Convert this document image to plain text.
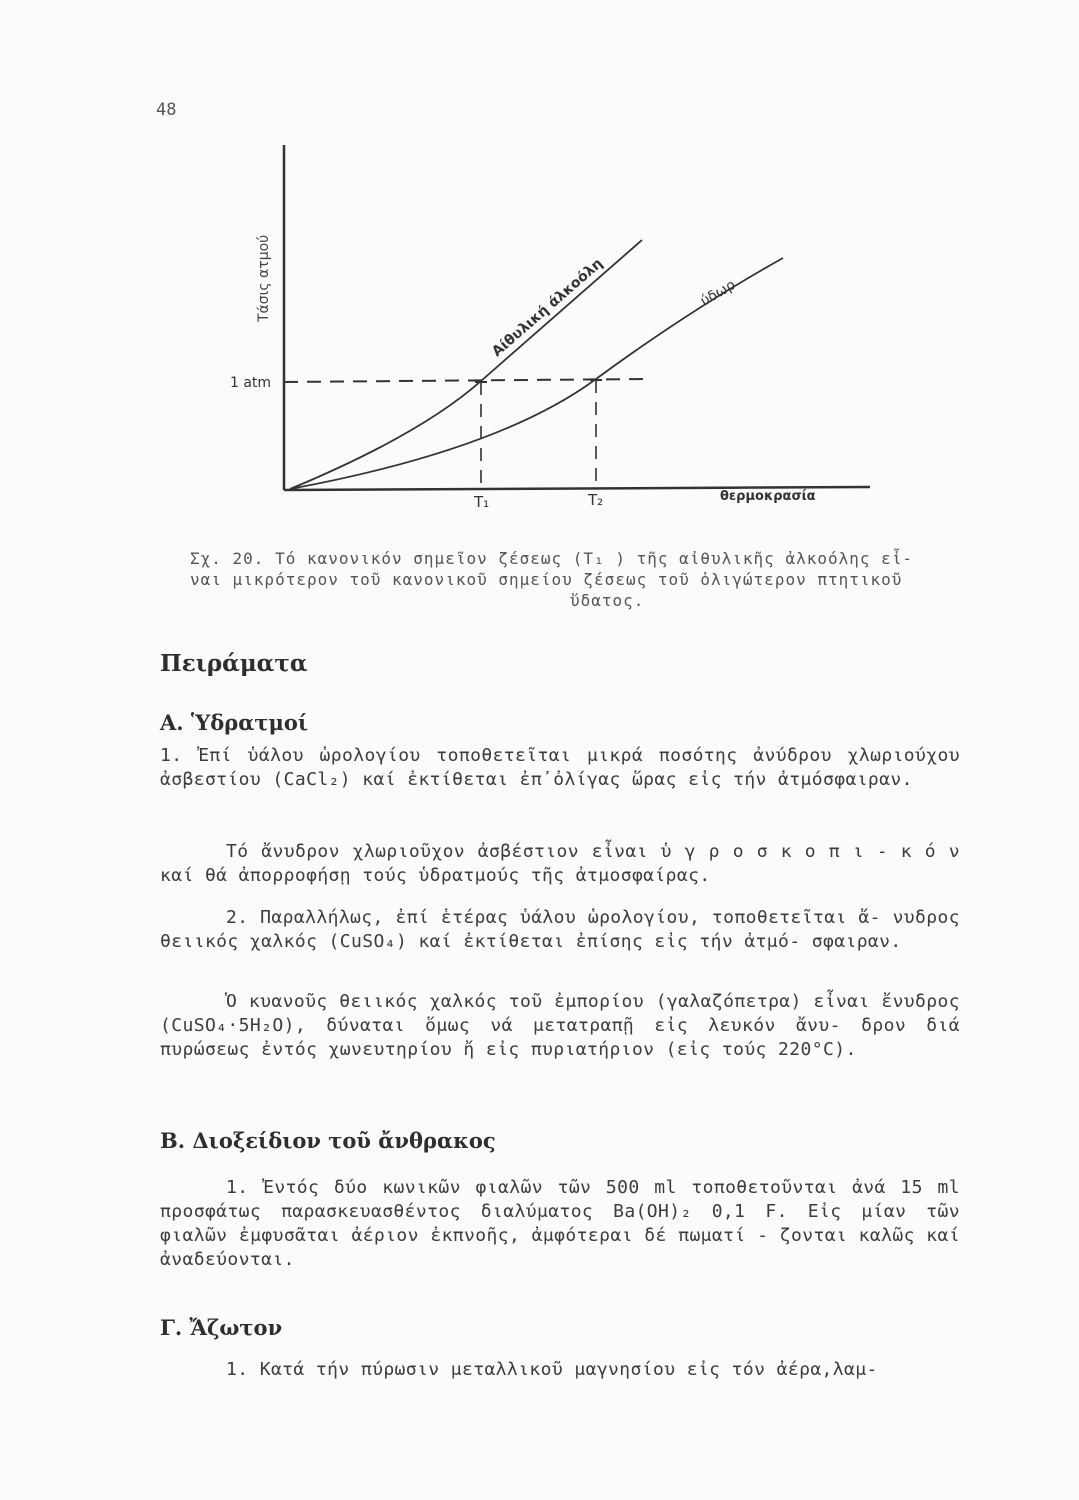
48
Τάσις ατμού
1 atm
T₁	T₂	θερμοκρασία
Αίθυλική άλκοόλη	ύδωρ
Σχ. 20. Τό κανονικόν σημεῖον ζέσεως (T₁ ) τῆς αἰθυλικῆς ἀλκοόλης εἶ-
ναι μικρότερον τοῦ κανονικοῦ σημείου ζέσεως τοῦ ὀλιγώτερον πτητικοῦ

ὕδατος.
Πειράματα
Α. Ὑδρατμοί
1. Ἐπί ὑάλου ὡρολογίου τοποθετεῖται μικρά ποσότης ἀνύδρου χλωριούχου ἀσβεστίου (CaCl₂) καί ἐκτίθεται ἐπ᾽ὀλίγας ὥρας εἰς τήν ἀτμόσφαιραν.
Τό ἄνυδρον χλωριοῦχον ἀσβέστιον εἶναι ὑ γ ρ ο σ κ ο π ι - κ ό ν καί θά ἀπορροφήσῃ τούς ὑδρατμούς τῆς ἀτμοσφαίρας.
2. Παραλλήλως, ἐπί ἑτέρας ὑάλου ὡρολογίου, τοποθετεῖται ἄ- νυδρος θειικός χαλκός (CuSO₄) καί ἐκτίθεται ἐπίσης εἰς τήν ἀτμό- σφαιραν.
Ὁ κυανοῦς θειικός χαλκός τοῦ ἐμπορίου (γαλαζόπετρα) εἶναι ἔνυδρος (CuSO₄·5H₂O), δύναται ὅμως νά μετατραπῇ εἰς λευκόν ἄνυ- δρον διά πυρώσεως ἐντός χωνευτηρίου ἤ εἰς πυριατήριον (εἰς τούς 220°C).
Β. Διοξείδιον τοῦ ἄνθρακος
1. Ἐντός δύο κωνικῶν φιαλῶν τῶν 500 ml τοποθετοῦνται ἀνά 15 ml προσφάτως παρασκευασθέντος διαλύματος Ba(OH)₂ 0,1 F. Εἰς μίαν τῶν φιαλῶν ἐμφυσᾶται ἀέριον ἐκπνοῆς, ἀμφότεραι δέ πωματί - ζονται καλῶς καί ἀναδεύονται.
Γ. Ἄζωτον
1. Κατά τήν πύρωσιν μεταλλικοῦ μαγνησίου εἰς τόν ἀέρα,λαμ-
